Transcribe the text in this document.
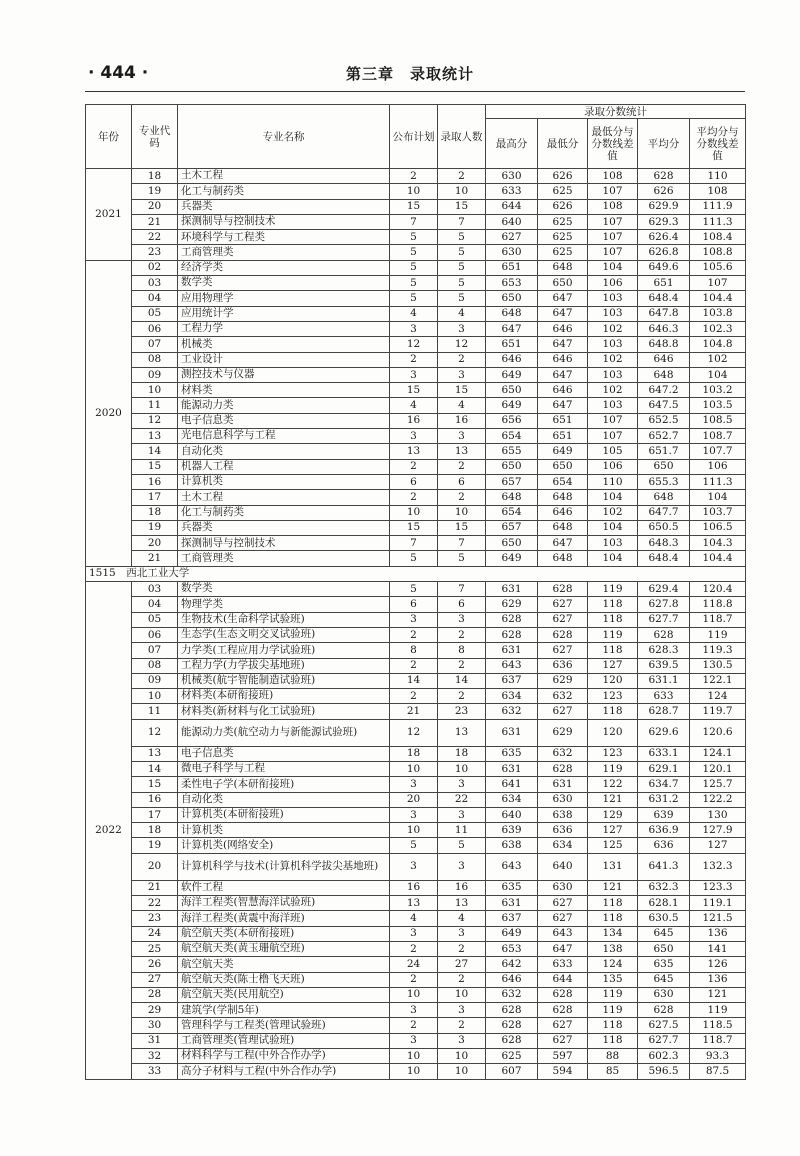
· 444 ·	第三章　录取统计
年份	专业代码	专业名称	公布计划	录取人数	录取分数统计				
					最高分	最低分	最低分与分数线差值	平均分	平均分与分数线差值
2021	18	土木工程	2	2	630	626	108	628	110
	19	化工与制药类	10	10	633	625	107	626	108
	20	兵器类	15	15	644	626	108	629.9	111.9
	21	探测制导与控制技术	7	7	640	625	107	629.3	111.3
	22	环境科学与工程类	5	5	627	625	107	626.4	108.4
	23	工商管理类	5	5	630	625	107	626.8	108.8
2020	02	经济学类	5	5	651	648	104	649.6	105.6
	03	数学类	5	5	653	650	106	651	107
	04	应用物理学	5	5	650	647	103	648.4	104.4
	05	应用统计学	4	4	648	647	103	647.8	103.8
	06	工程力学	3	3	647	646	102	646.3	102.3
	07	机械类	12	12	651	647	103	648.8	104.8
	08	工业设计	2	2	646	646	102	646	102
	09	测控技术与仪器	3	3	649	647	103	648	104
	10	材料类	15	15	650	646	102	647.2	103.2
	11	能源动力类	4	4	649	647	103	647.5	103.5
	12	电子信息类	16	16	656	651	107	652.5	108.5
	13	光电信息科学与工程	3	3	654	651	107	652.7	108.7
	14	自动化类	13	13	655	649	105	651.7	107.7
	15	机器人工程	2	2	650	650	106	650	106
	16	计算机类	6	6	657	654	110	655.3	111.3
	17	土木工程	2	2	648	648	104	648	104
	18	化工与制药类	10	10	654	646	102	647.7	103.7
	19	兵器类	15	15	657	648	104	650.5	106.5
	20	探测制导与控制技术	7	7	650	647	103	648.3	104.3
	21	工商管理类	5	5	649	648	104	648.4	104.4
1515　西北工业大学									
2022	03	数学类	5	7	631	628	119	629.4	120.4
	04	物理学类	6	6	629	627	118	627.8	118.8
	05	生物技术(生命科学试验班)	3	3	628	627	118	627.7	118.7
	06	生态学(生态文明交叉试验班)	2	2	628	628	119	628	119
	07	力学类(工程应用力学试验班)	8	8	631	627	118	628.3	119.3
	08	工程力学(力学拔尖基地班)	2	2	643	636	127	639.5	130.5
	09	机械类(航宇智能制造试验班)	14	14	637	629	120	631.1	122.1
	10	材料类(本研衔接班)	2	2	634	632	123	633	124
	11	材料类(新材料与化工试验班)	21	23	632	627	118	628.7	119.7
	12	能源动力类(航空动力与新能源试验班)	12	13	631	629	120	629.6	120.6
	13	电子信息类	18	18	635	632	123	633.1	124.1
	14	微电子科学与工程	10	10	631	628	119	629.1	120.1
	15	柔性电子学(本研衔接班)	3	3	641	631	122	634.7	125.7
	16	自动化类	20	22	634	630	121	631.2	122.2
	17	计算机类(本研衔接班)	3	3	640	638	129	639	130
	18	计算机类	10	11	639	636	127	636.9	127.9
	19	计算机类(网络安全)	5	5	638	634	125	636	127
	20	计算机科学与技术(计算机科学拔尖基地班)	3	3	643	640	131	641.3	132.3
	21	软件工程	16	16	635	630	121	632.3	123.3
	22	海洋工程类(智慧海洋试验班)	13	13	631	627	118	628.1	119.1
	23	海洋工程类(黄震中海洋班)	4	4	637	627	118	630.5	121.5
	24	航空航天类(本研衔接班)	3	3	649	643	134	645	136
	25	航空航天类(黄玉珊航空班)	2	2	653	647	138	650	141
	26	航空航天类	24	27	642	633	124	635	126
	27	航空航天类(陈士橹飞天班)	2	2	646	644	135	645	136
	28	航空航天类(民用航空)	10	10	632	628	119	630	121
	29	建筑学(学制5年)	3	3	628	628	119	628	119
	30	管理科学与工程类(管理试验班)	2	2	628	627	118	627.5	118.5
	31	工商管理类(管理试验班)	3	3	628	627	118	627.7	118.7
	32	材料科学与工程(中外合作办学)	10	10	625	597	88	602.3	93.3
	33	高分子材料与工程(中外合作办学)	10	10	607	594	85	596.5	87.5
